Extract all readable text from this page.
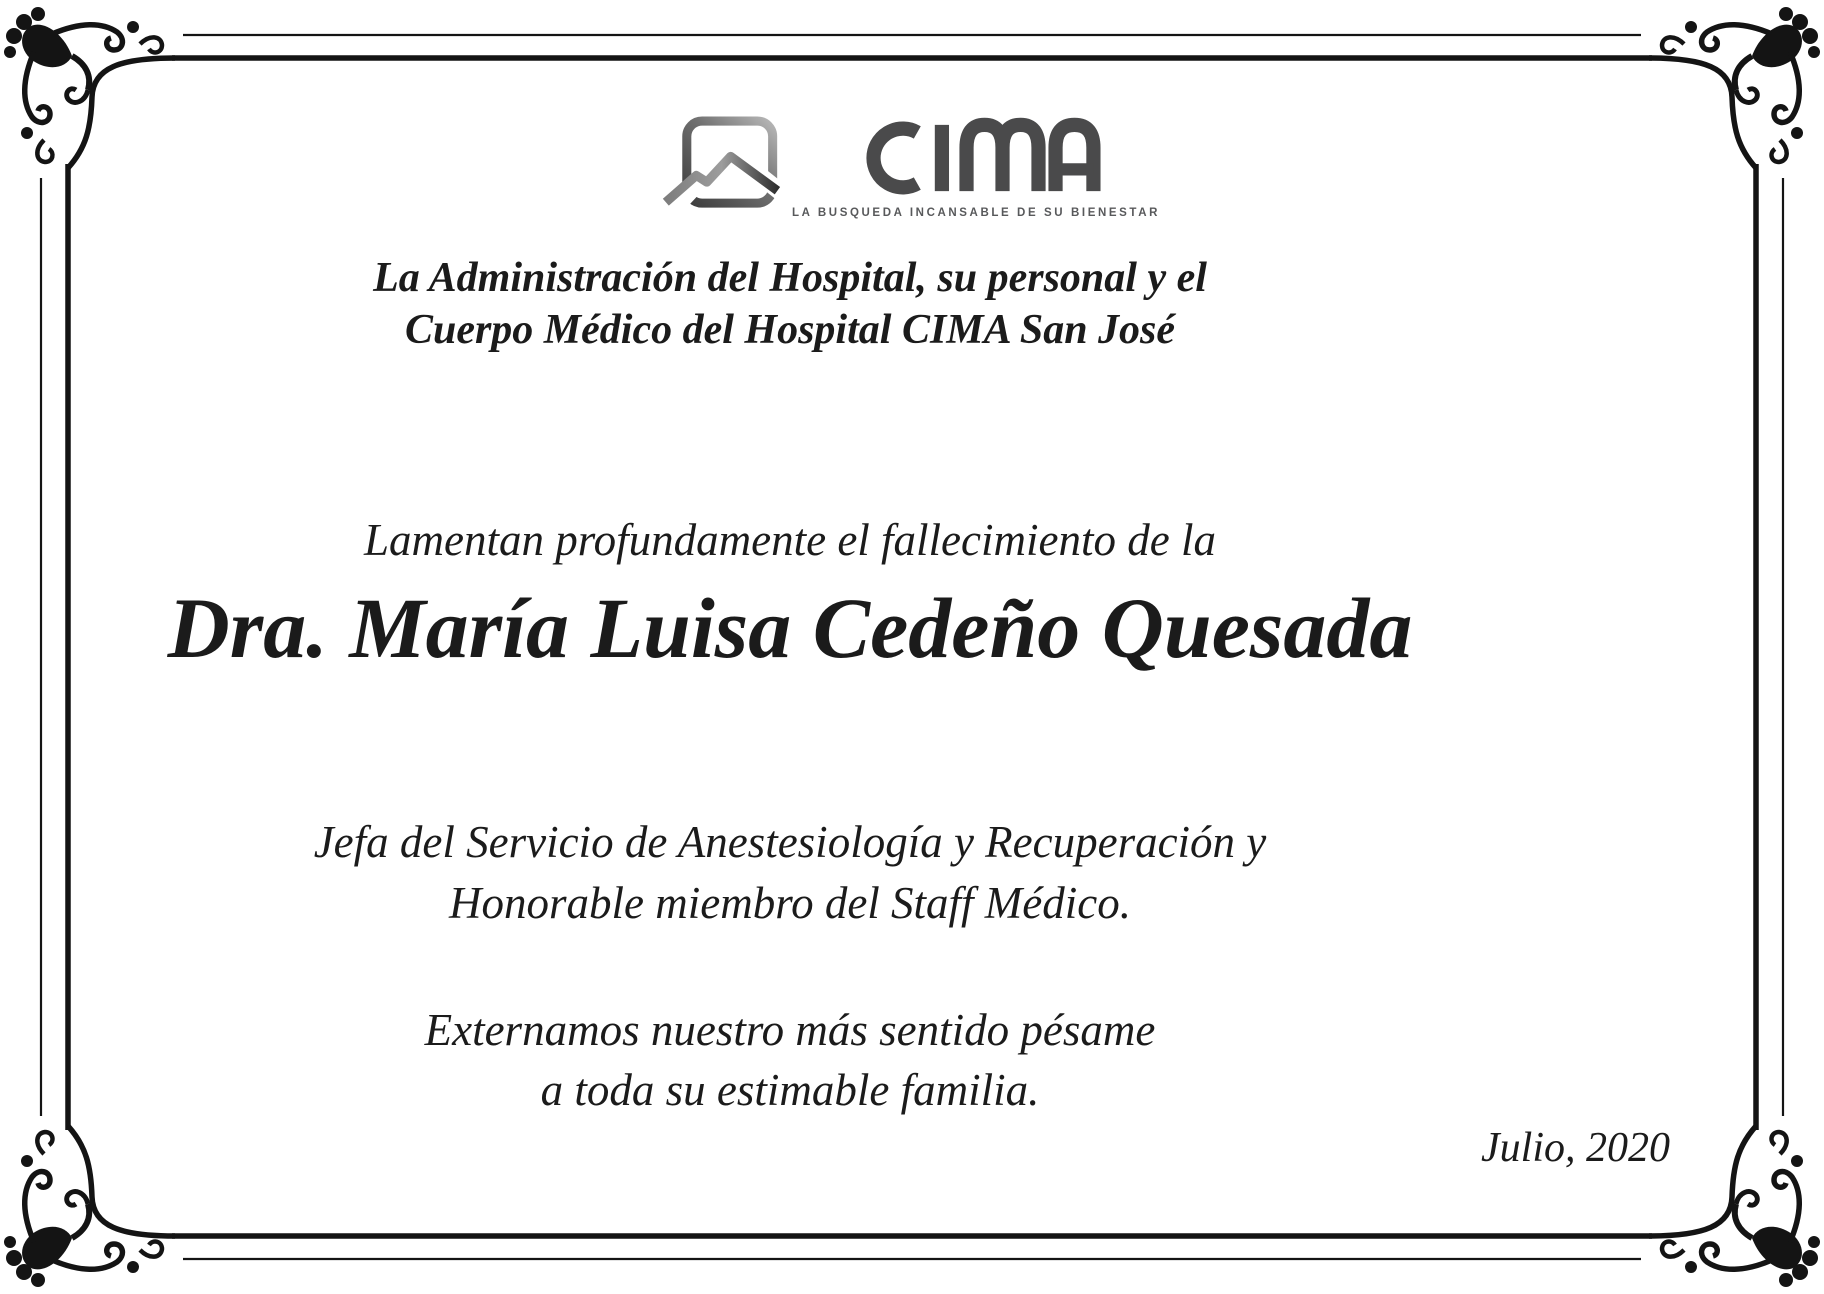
LA BUSQUEDA INCANSABLE DE SU BIENESTAR
La Administración del Hospital, su personal y el
Cuerpo Médico del Hospital CIMA San José
Lamentan profundamente el fallecimiento de la
Dra. María Luisa Cedeño Quesada
Jefa del Servicio de Anestesiología y Recuperación y
Honorable miembro del Staff Médico.
Externamos nuestro más sentido pésame
a toda su estimable familia.
Julio, 2020
